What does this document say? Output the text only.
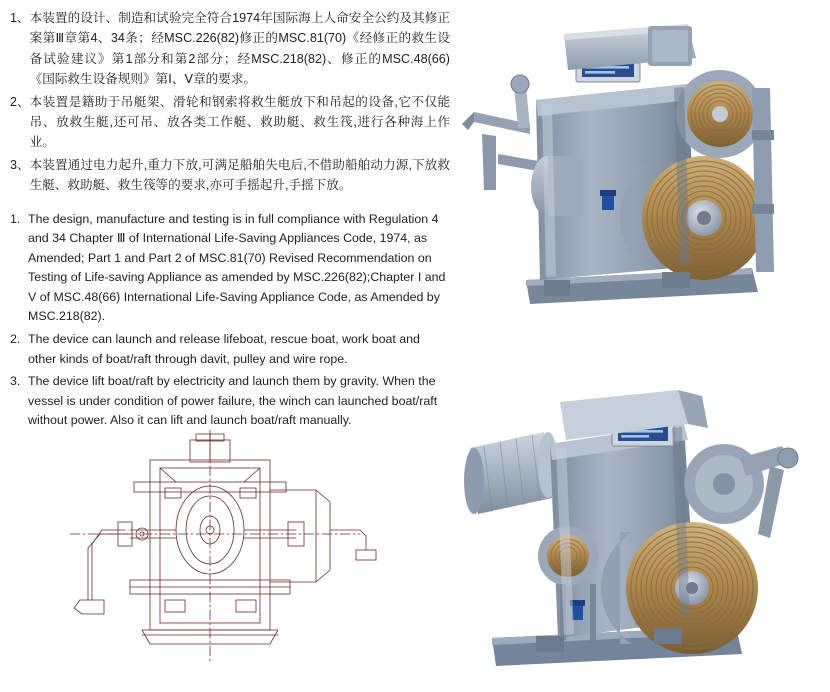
1、 本装置的设计、制造和试验完全符合1974年国际海上人命安全公约及其修正案第Ⅲ章第4、34条；经MSC.226(82)修正的MSC.81(70)《经修正的救生设备试验建议》第1部分和第2部分；经MSC.218(82)、修正的MSC.48(66)《国际救生设备规则》第Ⅰ、Ⅴ章的要求。
2、 本装置是籍助于吊艇架、滑轮和钢索将救生艇放下和吊起的设备,它不仅能吊、放救生艇,还可吊、放各类工作艇、救助艇、救生筏,进行各种海上作业。
3、 本装置通过电力起升,重力下放,可满足船舶失电后,不借助船舶动力源,下放救生艇、救助艇、救生筏等的要求,亦可手摇起升,手摇下放。
1. The design, manufacture and testing is in full compliance with Regulation 4 and 34 Chapter Ⅲ of International Life-Saving Appliances Code, 1974, as Amended; Part 1 and Part 2 of MSC.81(70) Revised Recommendation on Testing of Life-saving Appliance as amended by MSC.226(82);Chapter I and V of MSC.48(66) International Life-Saving Appliance Code, as Amended by MSC.218(82).
2. The device can launch and release lifeboat, rescue boat, work boat and other kinds of boat/raft through davit, pulley and wire rope.
3. The device lift boat/raft by electricity and launch them by gravity. When the vessel is under condition of power failure, the winch can launched boat/raft without power. Also it can lift and launch boat/raft manually.
